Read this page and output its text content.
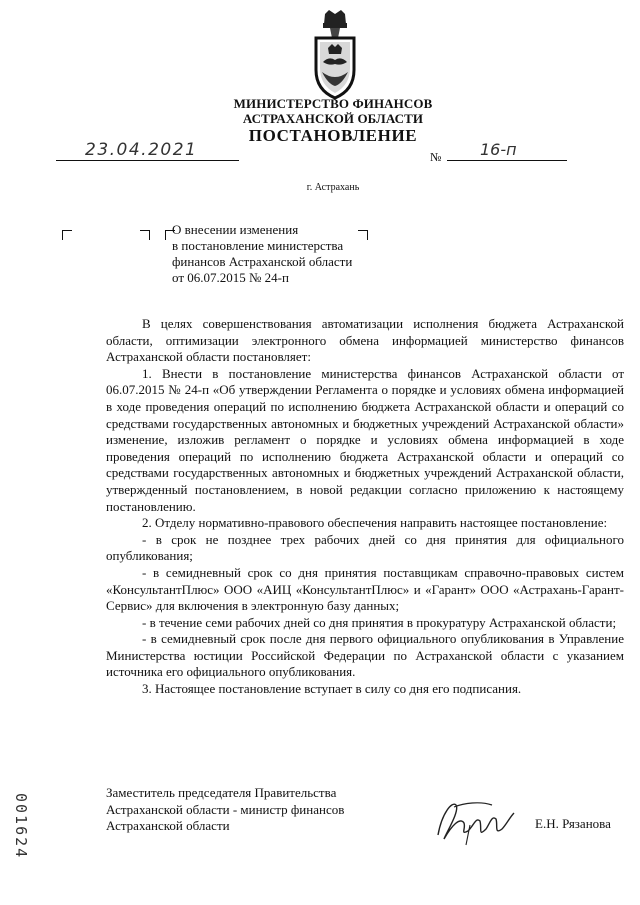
МИНИСТЕРСТВО ФИНАНСОВ
АСТРАХАНСКОЙ ОБЛАСТИ
ПОСТАНОВЛЕНИЕ
23.04.2021	№ 16-п
г. Астрахань
О внесении изменения
в постановление министерства
финансов Астраханской области
от 06.07.2015 № 24-п

В целях совершенствования автоматизации исполнения бюджета Астраханской области, оптимизации электронного обмена информацией министерство финансов Астраханской области постановляет:

1. Внести в постановление министерства финансов Астраханской области от 06.07.2015 № 24-п «Об утверждении Регламента о порядке и условиях обмена информацией в ходе проведения операций по исполнению бюджета Астраханской области и операций со средствами государственных автономных и бюджетных учреждений Астраханской области» изменение, изложив регламент о порядке и условиях обмена информацией в ходе проведения операций по исполнению бюджета Астраханской области и операций со средствами государственных автономных и бюджетных учреждений Астраханской области, утвержденный постановлением, в новой редакции согласно приложению к настоящему постановлению.

2. Отделу нормативно-правового обеспечения направить настоящее постановление:

- в срок не позднее трех рабочих дней со дня принятия для официального опубликования;

- в семидневный срок со дня принятия поставщикам справочно-правовых систем «КонсультантПлюс» ООО «АИЦ «КонсультантПлюс» и «Гарант» ООО «Астрахань-Гарант-Сервис» для включения в электронную базу данных;

- в течение семи рабочих дней со дня принятия в прокуратуру Астраханской области;

- в семидневный срок после дня первого официального опубликования в Управление Министерства юстиции Российской Федерации по Астраханской области с указанием источника его официального опубликования.

3. Настоящее постановление вступает в силу со дня его подписания.

Заместитель председателя Правительства
Астраханской области - министр финансов
Астраханской области	Е.Н. Рязанова
001624
